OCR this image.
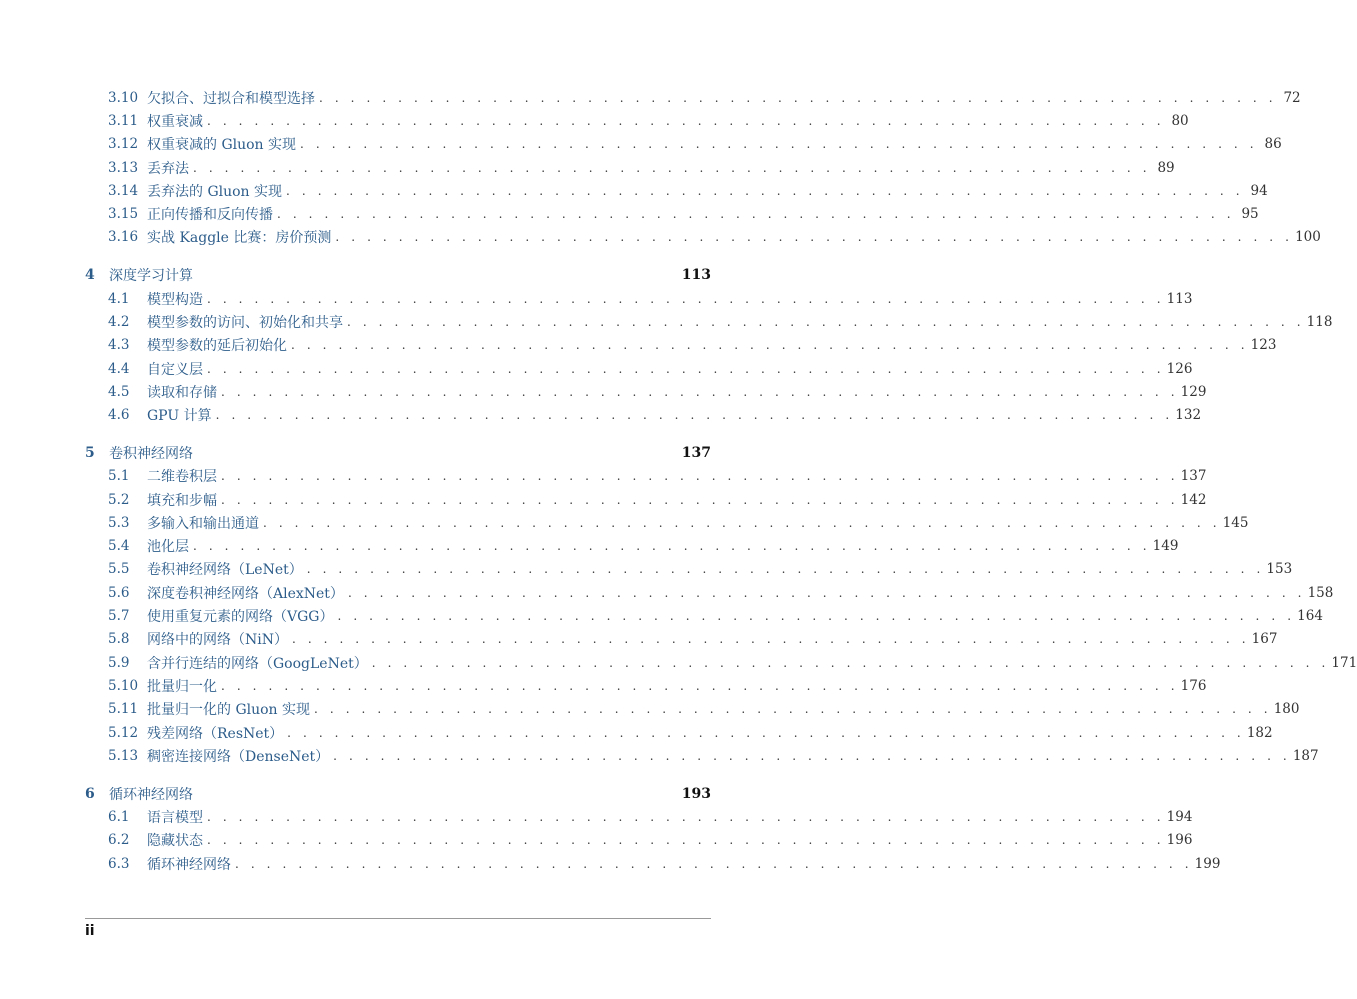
3.10 欠拟合、过拟合和模型选择 . . . . . . . . . . . . . . . . . . . . . . . . . . . . . . . . . . . . . . . . . . . . . . . . . . . . . . . . . . . . . 72
3.11 权重衰减 . . . . . . . . . . . . . . . . . . . . . . . . . . . . . . . . . . . . . . . . . . . . . . . . . . . . . . . . . . . . . 80
3.12 权重衰减的 Gluon 实现 . . . . . . . . . . . . . . . . . . . . . . . . . . . . . . . . . . . . . . . . . . . . . . . . . . . . . . . . . . . . . 86
3.13 丢弃法 . . . . . . . . . . . . . . . . . . . . . . . . . . . . . . . . . . . . . . . . . . . . . . . . . . . . . . . . . . . . . 89
3.14 丢弃法的 Gluon 实现 . . . . . . . . . . . . . . . . . . . . . . . . . . . . . . . . . . . . . . . . . . . . . . . . . . . . . . . . . . . . . 94
3.15 正向传播和反向传播 . . . . . . . . . . . . . . . . . . . . . . . . . . . . . . . . . . . . . . . . . . . . . . . . . . . . . . . . . . . . . 95
3.16 实战 Kaggle 比赛：房价预测 . . . . . . . . . . . . . . . . . . . . . . . . . . . . . . . . . . . . . . . . . . . . . . . . . . . . . . . . . . . . . 100
4	深度学习计算	113
4.1	模型构造 . . . . . . . . . . . . . . . . . . . . . . . . . . . . . . . . . . . . . . . . . . . . . . . . . . . . . . . . . . . . . 113
4.2	模型参数的访问、初始化和共享 . . . . . . . . . . . . . . . . . . . . . . . . . . . . . . . . . . . . . . . . . . . . . . . . . . . . . . . . . . . . . 118
4.3	模型参数的延后初始化 . . . . . . . . . . . . . . . . . . . . . . . . . . . . . . . . . . . . . . . . . . . . . . . . . . . . . . . . . . . . . 123
4.4	自定义层 . . . . . . . . . . . . . . . . . . . . . . . . . . . . . . . . . . . . . . . . . . . . . . . . . . . . . . . . . . . . . 126
4.5	读取和存储 . . . . . . . . . . . . . . . . . . . . . . . . . . . . . . . . . . . . . . . . . . . . . . . . . . . . . . . . . . . . . 129
4.6	GPU 计算 . . . . . . . . . . . . . . . . . . . . . . . . . . . . . . . . . . . . . . . . . . . . . . . . . . . . . . . . . . . . . 132
5	卷积神经网络	137
5.1	二维卷积层 . . . . . . . . . . . . . . . . . . . . . . . . . . . . . . . . . . . . . . . . . . . . . . . . . . . . . . . . . . . . . 137
5.2	填充和步幅 . . . . . . . . . . . . . . . . . . . . . . . . . . . . . . . . . . . . . . . . . . . . . . . . . . . . . . . . . . . . . 142
5.3	多输入和输出通道 . . . . . . . . . . . . . . . . . . . . . . . . . . . . . . . . . . . . . . . . . . . . . . . . . . . . . . . . . . . . . 145
5.4	池化层 . . . . . . . . . . . . . . . . . . . . . . . . . . . . . . . . . . . . . . . . . . . . . . . . . . . . . . . . . . . . . 149
5.5	卷积神经网络（LeNet） . . . . . . . . . . . . . . . . . . . . . . . . . . . . . . . . . . . . . . . . . . . . . . . . . . . . . . . . . . . . . 153
5.6	深度卷积神经网络（AlexNet） . . . . . . . . . . . . . . . . . . . . . . . . . . . . . . . . . . . . . . . . . . . . . . . . . . . . . . . . . . . . . 158
5.7	使用重复元素的网络（VGG） . . . . . . . . . . . . . . . . . . . . . . . . . . . . . . . . . . . . . . . . . . . . . . . . . . . . . . . . . . . . . 164
5.8	网络中的网络（NiN） . . . . . . . . . . . . . . . . . . . . . . . . . . . . . . . . . . . . . . . . . . . . . . . . . . . . . . . . . . . . . 167
5.9	含并行连结的网络（GoogLeNet） . . . . . . . . . . . . . . . . . . . . . . . . . . . . . . . . . . . . . . . . . . . . . . . . . . . . . . . . . . . . . 171
5.10 批量归一化 . . . . . . . . . . . . . . . . . . . . . . . . . . . . . . . . . . . . . . . . . . . . . . . . . . . . . . . . . . . . . 176
5.11 批量归一化的 Gluon 实现 . . . . . . . . . . . . . . . . . . . . . . . . . . . . . . . . . . . . . . . . . . . . . . . . . . . . . . . . . . . . . 180
5.12 残差网络（ResNet） . . . . . . . . . . . . . . . . . . . . . . . . . . . . . . . . . . . . . . . . . . . . . . . . . . . . . . . . . . . . . 182
5.13 稠密连接网络（DenseNet） . . . . . . . . . . . . . . . . . . . . . . . . . . . . . . . . . . . . . . . . . . . . . . . . . . . . . . . . . . . . . 187
6	循环神经网络	193
6.1	语言模型 . . . . . . . . . . . . . . . . . . . . . . . . . . . . . . . . . . . . . . . . . . . . . . . . . . . . . . . . . . . . . 194
6.2	隐藏状态 . . . . . . . . . . . . . . . . . . . . . . . . . . . . . . . . . . . . . . . . . . . . . . . . . . . . . . . . . . . . . 196
6.3	循环神经网络 . . . . . . . . . . . . . . . . . . . . . . . . . . . . . . . . . . . . . . . . . . . . . . . . . . . . . . . . . . . . . 199
ii
